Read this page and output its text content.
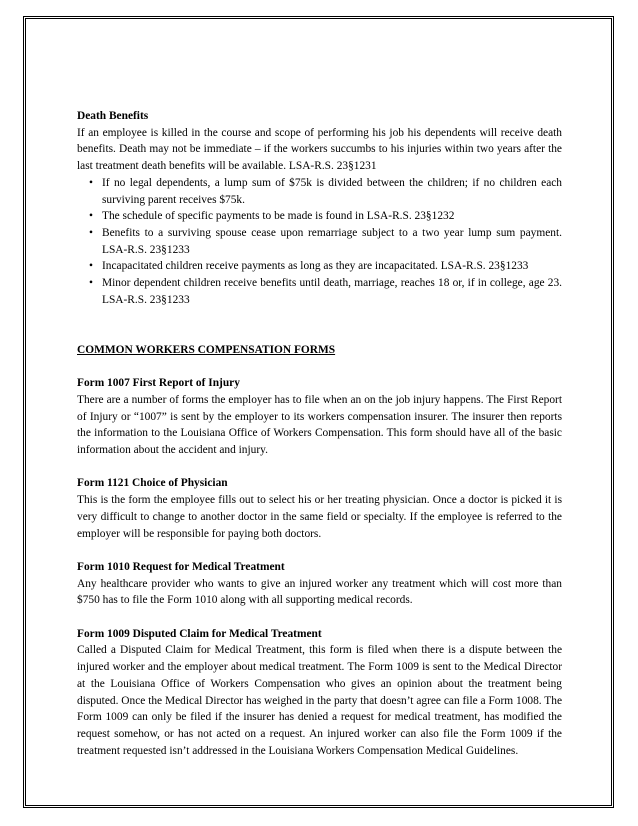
Death Benefits

If an employee is killed in the course and scope of performing his job his dependents will receive death benefits. Death may not be immediate – if the workers succumbs to his injuries within two years after the last treatment death benefits will be available. LSA-R.S. 23§1231

• If no legal dependents, a lump sum of $75k is divided between the children; if no children each surviving parent receives $75k.
• The schedule of specific payments to be made is found in LSA-R.S. 23§1232
• Benefits to a surviving spouse cease upon remarriage subject to a two year lump sum payment. LSA-R.S. 23§1233
• Incapacitated children receive payments as long as they are incapacitated. LSA-R.S. 23§1233
• Minor dependent children receive benefits until death, marriage, reaches 18 or, if in college, age 23. LSA-R.S. 23§1233

COMMON WORKERS COMPENSATION FORMS

Form 1007 First Report of Injury

There are a number of forms the employer has to file when an on the job injury happens. The First Report of Injury or “1007” is sent by the employer to its workers compensation insurer. The insurer then reports the information to the Louisiana Office of Workers Compensation. This form should have all of the basic information about the accident and injury.

Form 1121 Choice of Physician

This is the form the employee fills out to select his or her treating physician. Once a doctor is picked it is very difficult to change to another doctor in the same field or specialty. If the employee is referred to the employer will be responsible for paying both doctors.

Form 1010 Request for Medical Treatment

Any healthcare provider who wants to give an injured worker any treatment which will cost more than $750 has to file the Form 1010 along with all supporting medical records.

Form 1009 Disputed Claim for Medical Treatment

Called a Disputed Claim for Medical Treatment, this form is filed when there is a dispute between the injured worker and the employer about medical treatment. The Form 1009 is sent to the Medical Director at the Louisiana Office of Workers Compensation who gives an opinion about the treatment being disputed. Once the Medical Director has weighed in the party that doesn’t agree can file a Form 1008. The Form 1009 can only be filed if the insurer has denied a request for medical treatment, has modified the request somehow, or has not acted on a request. An injured worker can also file the Form 1009 if the treatment requested isn’t addressed in the Louisiana Workers Compensation Medical Guidelines.
